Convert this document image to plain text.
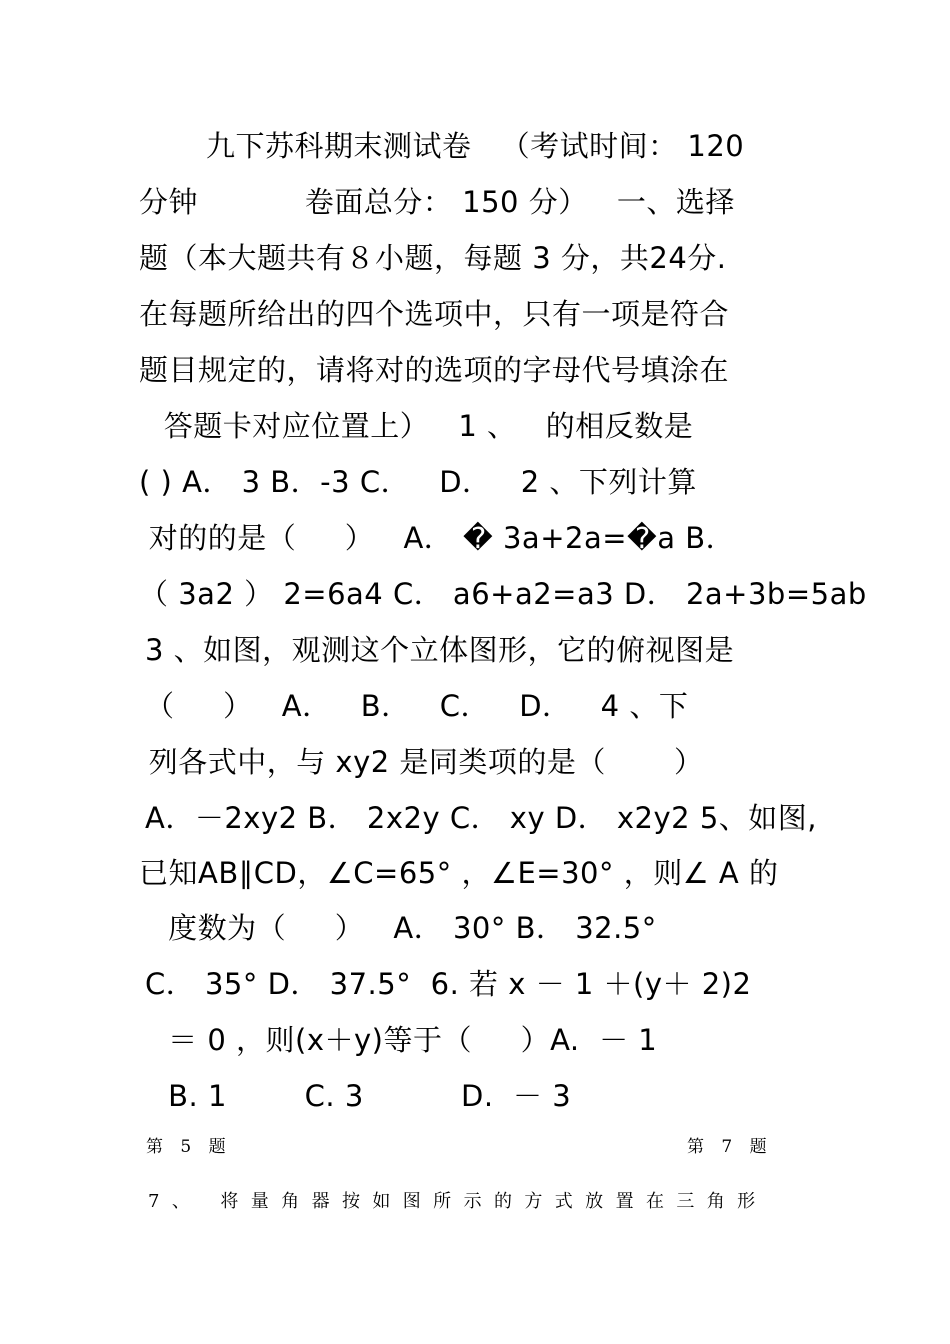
九下苏科期末测试卷   （考试时间： 120
分钟           卷面总分： 150 分）   一、选择
题（本大题共有８小题，每题 3 分，共24分.
在每题所给出的四个选项中，只有一项是符合
题目规定的，请将对的选项的字母代号填涂在
答题卡对应位置上）   1 、   的相反数是
( ) A． 3 B．-3 C．   D．   2 、下列计算
对的的是（     ）   A． � 3a+2a=�a B．
（ 3a2 ） 2=6a4 C． a6+a2=a3 D． 2a+3b=5ab
3 、如图，观测这个立体图形，它的俯视图是
（     ）   A．   B．   C．   D．   4 、下
列各式中，与 xy2 是同类项的是（       ）
A．－2xy2 B． 2x2y C． xy D． x2y2 5、如图,
已知AB∥CD，∠C=65° ，∠E=30° ，则∠ A 的
度数为（     ）   A． 30° B． 32.5°
C． 35° D． 37.5°  6. 若 x － 1 ＋(y＋ 2)2
＝ 0 ，则(x＋y)等于（     ）A.  － 1
B. 1        C. 3          D.  － 3
第 5 题	第 7 题
7、 将量角器按如图所示的方式放置在三角形
